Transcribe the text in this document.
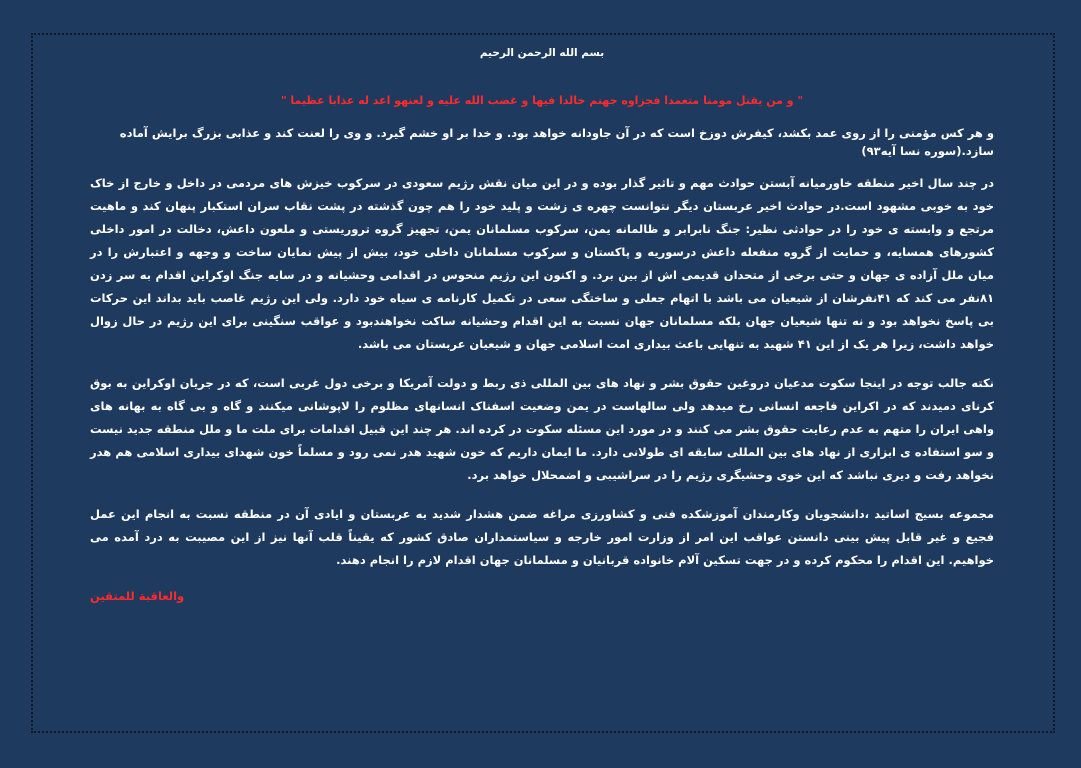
بسم الله الرحمن الرحيم

" و من يقتل مومنا متعمدا فجزاوه جهنم خالدا فيها و غضب الله عليه و لعنهو اعد له عذابا عظيما "

و هر کس مؤمنی را از روی عمد بکشد، کیفرش دوزخ است که در آن جاودانه خواهد بود. و خدا بر او خشم گیرد. و وی را لعنت کند و عذابی بزرگ برایش آماده سازد.(سوره نسا آیه۹۳)

در چند سال اخیر منطقه خاورمیانه آبستن حوادث مهم و تاثیر گذار بوده و در این میان نقش رژیم سعودی در سرکوب خیزش های مردمی در داخل و خارج از خاک خود به خوبی مشهود است.در حوادث اخیر عربستان دیگر نتوانست چهره ی زشت و پلید خود را هم چون گذشته در پشت نقاب سران استکبار پنهان کند و ماهیت مرتجع و وابسته ی خود را در حوادثی نظیر: جنگ نابرابر و ظالمانه یمن، سرکوب مسلمانان یمن، تجهیز گروه تروریستی و ملعون داعش، دخالت در امور داخلی کشورهای همسایه، و حمایت از گروه منفعله داعش درسوریه و پاکستان و سرکوب مسلمانان داخلی خود، بیش از پیش نمایان ساخت و وجهه و اعتبارش را در میان ملل آزاده ی جهان و حتی برخی از متحدان قدیمی اش از بین برد. و اکنون این رژیم منحوس در اقدامی وحشیانه و در سایه جنگ اوکراین اقدام به سر زدن ۸۱نفر می کند که ۴۱نفرشان از شیعیان می باشد با اتهام جعلی و ساختگی سعی در تکمیل کارنامه ی سیاه خود دارد. ولی این رژیم غاصب باید بداند این حرکات بی پاسخ نخواهد بود و نه تنها شیعیان جهان بلکه مسلمانان جهان نسبت به این اقدام وحشیانه ساکت نخواهندبود و عواقب سنگینی برای این رژیم در حال زوال خواهد داشت، زیرا هر یک از این ۴۱ شهید به تنهایی باعث بیداری امت اسلامی جهان و شیعیان عربستان می باشد.

نکته جالب توجه در اینجا سکوت مدعیان دروغین حقوق بشر و نهاد های بین المللی ذی ربط و دولت آمریکا و برخی دول غربی است، که در جریان اوکراین به بوق کرنای دمیدند که در اکراین فاجعه انسانی رخ میدهد ولی سالهاست در یمن وضعیت اسفناک انسانهای مظلوم را لاپوشانی میکنند و گاه و بی گاه به بهانه های واهی ایران را متهم به عدم رعایت حقوق بشر می کنند و در مورد این مسئله سکوت در کرده اند. هر چند این قبیل اقدامات برای ملت ما و ملل منطقه جدید نیست و سو استفاده ی ابزاری از نهاد های بین المللی سابقه ای طولانی دارد. ما ایمان داریم که خون شهید هدر نمی رود و مسلماً خون شهدای بیداری اسلامی هم هدر نخواهد رفت و دیری نباشد که این خوی وحشیگری رژیم را در سراشیبی و اضمحلال خواهد برد.

مجموعه بسیج اساتید ،دانشجویان وکارمندان آموزشکده فنی و کشاورزی مراغه ضمن هشدار شدید به عربستان و ایادی آن در منطقه نسبت به انجام این عمل فجیع و غیر قابل پیش بینی دانستن عواقب این امر از وزارت امور خارجه و سیاستمداران صادق کشور که یقیناً قلب آنها نیز از این مصیبت به درد آمده می خواهیم. این اقدام را محکوم کرده و در جهت تسکین آلام خانواده قربانیان و مسلمانان جهان اقدام لازم را انجام دهند.

والعاقبة للمتقين
